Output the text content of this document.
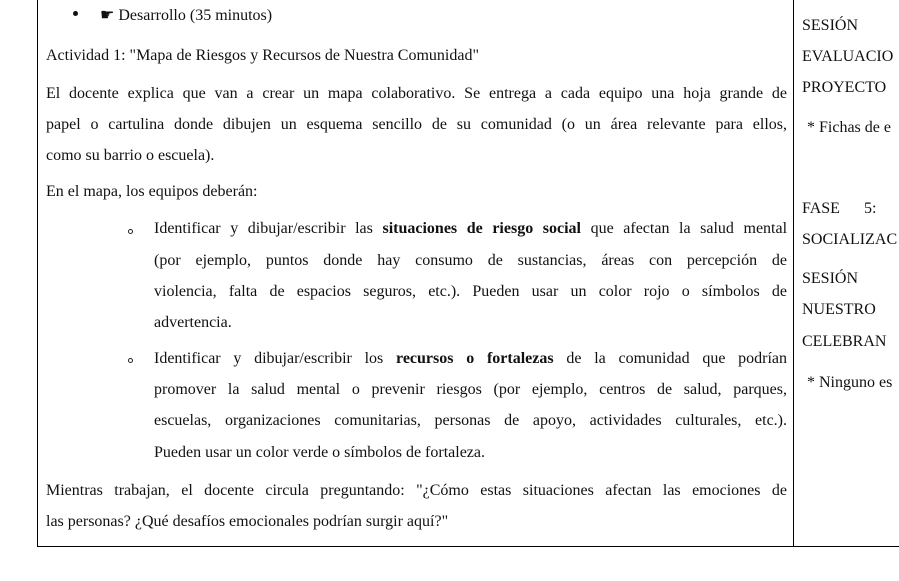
☛ Desarrollo (35 minutos)
Actividad 1: "Mapa de Riesgos y Recursos de Nuestra Comunidad"
El docente explica que van a crear un mapa colaborativo. Se entrega a cada equipo una hoja grande de
papel o cartulina donde dibujen un esquema sencillo de su comunidad (o un área relevante para ellos,
como su barrio o escuela).
En el mapa, los equipos deberán:
Identificar y dibujar/escribir las situaciones de riesgo social que afectan la salud mental
(por ejemplo, puntos donde hay consumo de sustancias, áreas con percepción de
violencia, falta de espacios seguros, etc.). Pueden usar un color rojo o símbolos de
advertencia.
Identificar y dibujar/escribir los recursos o fortalezas de la comunidad que podrían
promover la salud mental o prevenir riesgos (por ejemplo, centros de salud, parques,
escuelas, organizaciones comunitarias, personas de apoyo, actividades culturales, etc.).
Pueden usar un color verde o símbolos de fortaleza.
Mientras trabajan, el docente circula preguntando: "¿Cómo estas situaciones afectan las emociones de
las personas? ¿Qué desafíos emocionales podrían surgir aquí?"
SESIÓN
EVALUACIO
PROYECTO
* Fichas de e
FASE      5:
SOCIALIZAC
SESIÓN
NUESTRO
CELEBRAN
* Ninguno es
